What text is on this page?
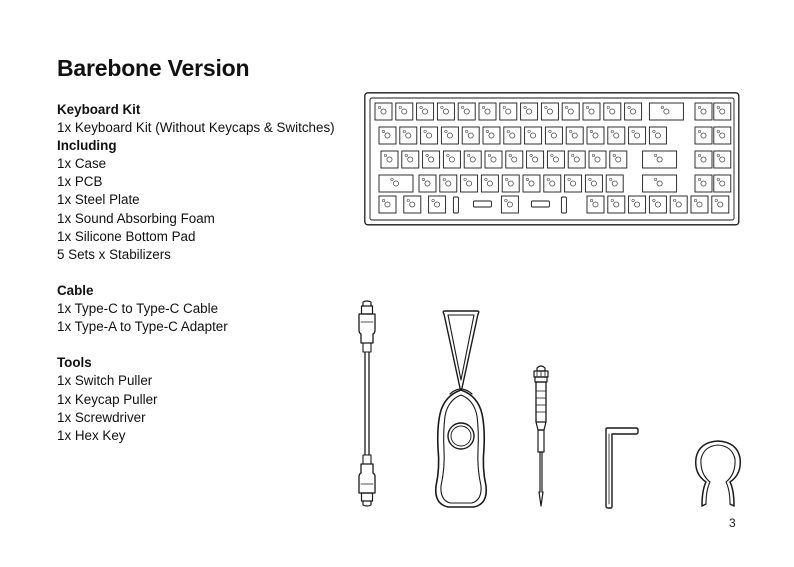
Barebone Version
Keyboard Kit
1x Keyboard Kit (Without Keycaps & Switches)
Including
1x Case
1x PCB
1x Steel Plate
1x Sound Absorbing Foam
1x Silicone Bottom Pad
5 Sets x Stabilizers
Cable
1x Type-C to Type-C Cable
1x Type-A to Type-C Adapter
Tools
1x Switch Puller
1x Keycap Puller
1x Screwdriver
1x Hex Key
3
